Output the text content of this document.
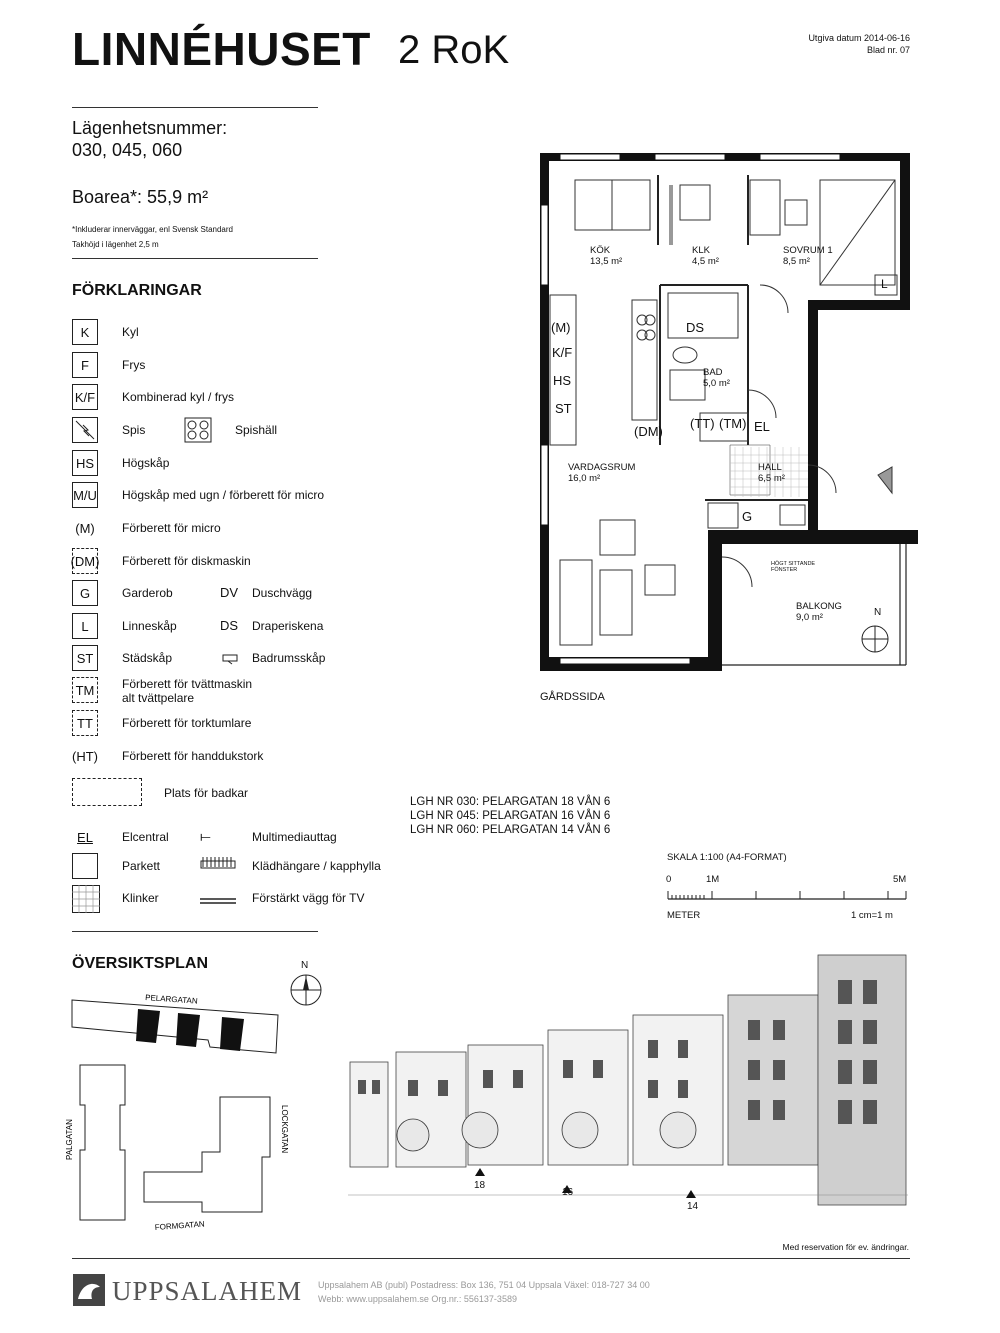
LINNÉHUSET 2 RoK	Utgiva datum 2014-06-16
Blad nr. 07
Lägenhetsnummer:
030, 045, 060
Boarea*: 55,9 m²
*Inkluderar innerväggar, enl Svensk Standard
Takhöjd i lägenhet 2,5 m
FÖRKLARINGAR
K	Kyl
F	Frys
K/F Kombinerad kyl / frys
Spis	Spishäll
HS	Högskåp
M/U Högskåp med ugn / förberett för micro
(M) Förberett för micro
(DM) Förberett för diskmaskin
G	Garderob	DV Duschvägg
L	Linneskåp	DS Draperiskena
ST	Städskåp	Badrumsskåp
TM	Förberett för tvättmaskin
alt tvättpelare
TT	Förberett för torktumlare
(HT) Förberett för handdukstork
Plats för badkar
EL	Elcentral ⟝	Multimediauttag
Parkett	Klädhängare / kapphylla
Klinker	Förstärkt vägg för TV
KÖK
13,5 m²
KLK
4,5 m²
SOVRUM 1
8,5 m²
BAD
5,0 m²
HALL
6,5 m²
VARDAGSRUM
16,0 m²
BALKONG
9,0 m²
(M)
K/F
HS
ST
(DM)
DS
(TT) (TM) EL
G
L
HÖGT SITTANDE FÖNSTER
GÅRDSSIDA
N
LGH NR 030: PELARGATAN 18 VÅN 6
LGH NR 045: PELARGATAN 16 VÅN 6
LGH NR 060: PELARGATAN 14 VÅN 6
SKALA 1:100 (A4-FORMAT)
0	1M	5M
METER	1 cm=1 m
ÖVERSIKTSPLAN	N
PELARGATAN
PALGATAN	LOCKGATAN
FORMGATAN
18
16
14
Med reservation för ev. ändringar.
UPPSALAHEM Uppsalahem AB (publ) Postadress: Box 136, 751 04 Uppsala Växel: 018-727 34 00
Webb: www.uppsalahem.se Org.nr.: 556137-3589
